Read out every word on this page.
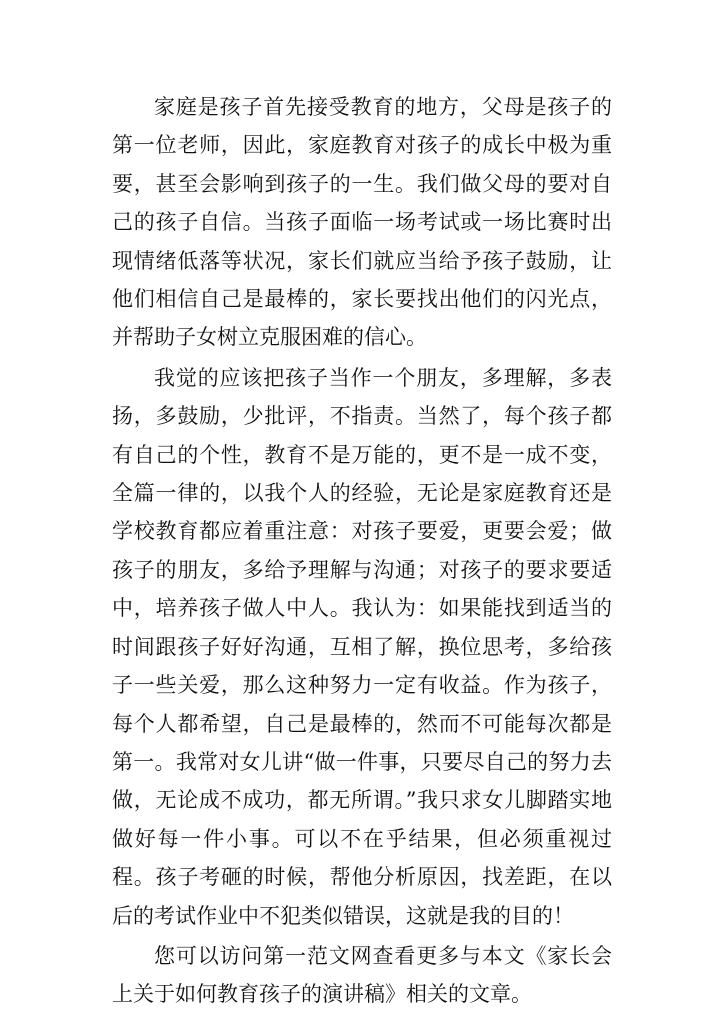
家庭是孩子首先接受教育的地方，父母是孩子的第一位老师，因此，家庭教育对孩子的成长中极为重要，甚至会影响到孩子的一生。我们做父母的要对自己的孩子自信。当孩子面临一场考试或一场比赛时出现情绪低落等状况，家长们就应当给予孩子鼓励，让他们相信自己是最棒的，家长要找出他们的闪光点，并帮助子女树立克服困难的信心。

我觉的应该把孩子当作一个朋友，多理解，多表扬，多鼓励，少批评，不指责。当然了，每个孩子都有自己的个性，教育不是万能的，更不是一成不变，全篇一律的，以我个人的经验，无论是家庭教育还是学校教育都应着重注意：对孩子要爱，更要会爱；做孩子的朋友，多给予理解与沟通；对孩子的要求要适中，培养孩子做人中人。我认为：如果能找到适当的时间跟孩子好好沟通，互相了解，换位思考，多给孩子一些关爱，那么这种努力一定有收益。作为孩子，每个人都希望，自己是最棒的，然而不可能每次都是第一。我常对女儿讲“做一件事，只要尽自己的努力去做，无论成不成功，都无所谓。”我只求女儿脚踏实地做好每一件小事。可以不在乎结果，但必须重视过程。孩子考砸的时候，帮他分析原因，找差距，在以后的考试作业中不犯类似错误，这就是我的目的！

您可以访问第一范文网查看更多与本文《家长会上关于如何教育孩子的演讲稿》相关的文章。
